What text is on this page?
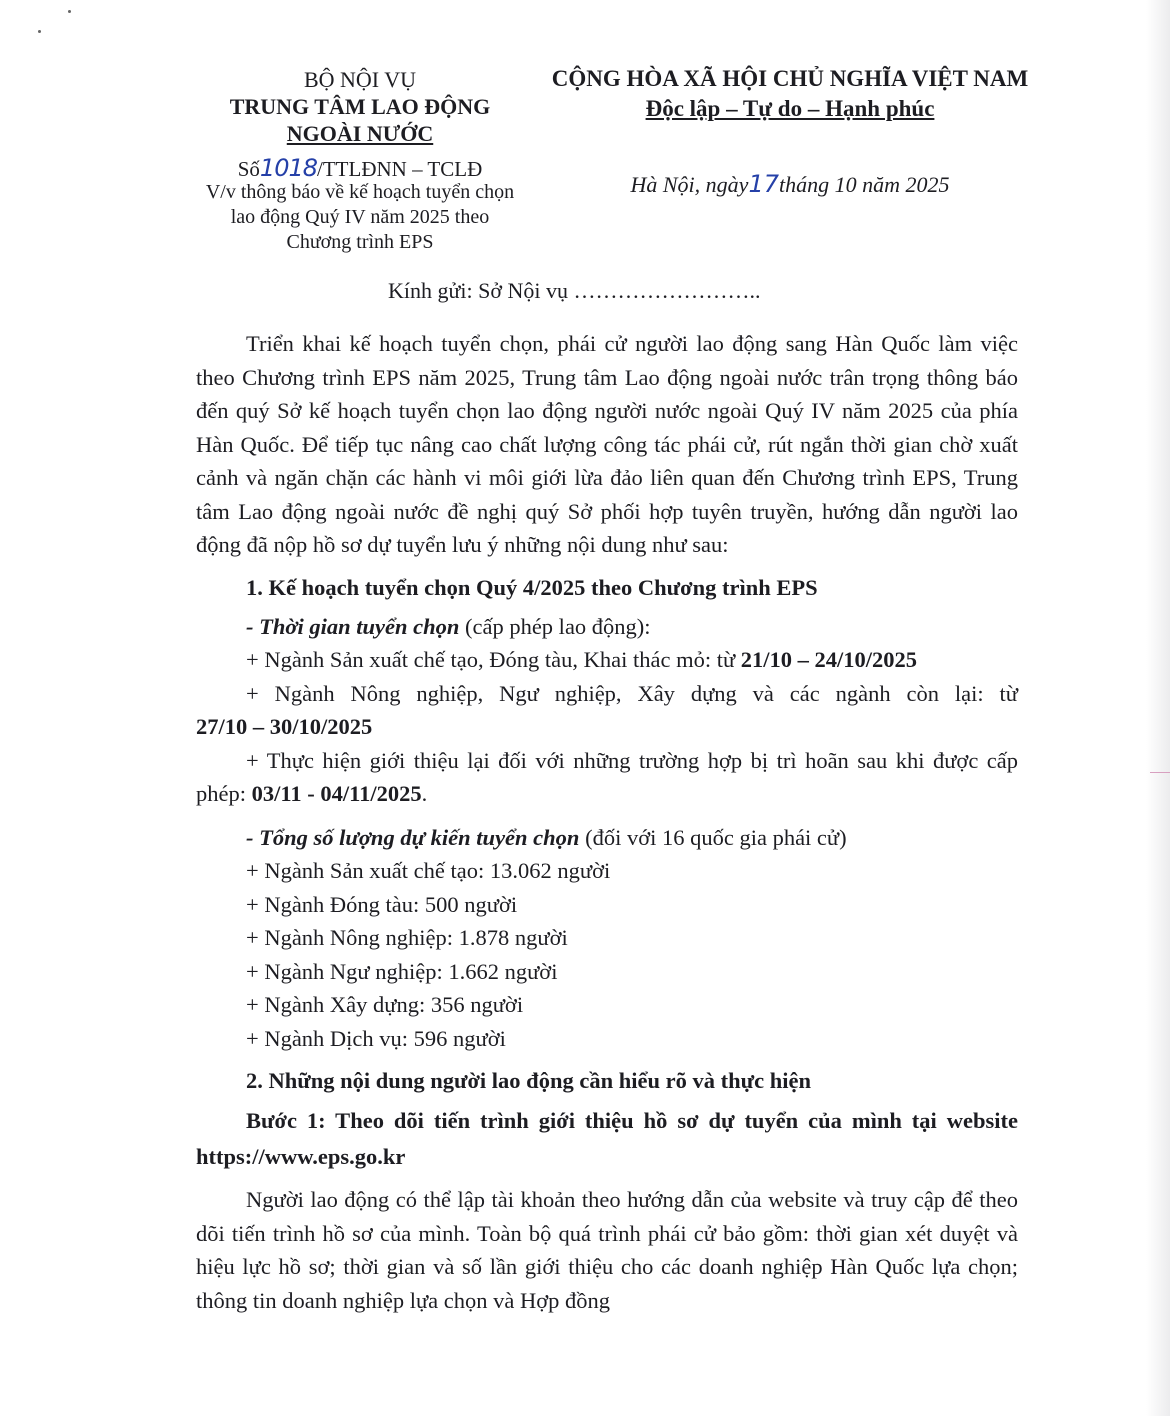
BỘ NỘI VỤ
TRUNG TÂM LAO ĐỘNG
NGOÀI NƯỚC
Số1018/TTLĐNN – TCLĐ
V/v thông báo về kế hoạch tuyển chọn
lao động Quý IV năm 2025 theo
Chương trình EPS
CỘNG HÒA XÃ HỘI CHỦ NGHĨA VIỆT NAM
Độc lập – Tự do – Hạnh phúc
Hà Nội, ngày17tháng 10 năm 2025
Kính gửi: Sở Nội vụ ……………………..

Triển khai kế hoạch tuyển chọn, phái cử người lao động sang Hàn Quốc làm việc theo Chương trình EPS năm 2025, Trung tâm Lao động ngoài nước trân trọng thông báo đến quý Sở kế hoạch tuyển chọn lao động người nước ngoài Quý IV năm 2025 của phía Hàn Quốc. Để tiếp tục nâng cao chất lượng công tác phái cử, rút ngắn thời gian chờ xuất cảnh và ngăn chặn các hành vi môi giới lừa đảo liên quan đến Chương trình EPS, Trung tâm Lao động ngoài nước đề nghị quý Sở phối hợp tuyên truyền, hướng dẫn người lao động đã nộp hồ sơ dự tuyển lưu ý những nội dung như sau:

1. Kế hoạch tuyển chọn Quý 4/2025 theo Chương trình EPS

- Thời gian tuyển chọn (cấp phép lao động):

+ Ngành Sản xuất chế tạo, Đóng tàu, Khai thác mỏ: từ 21/10 – 24/10/2025

+ Ngành Nông nghiệp, Ngư nghiệp, Xây dựng và các ngành còn lại: từ

27/10 – 30/10/2025

+ Thực hiện giới thiệu lại đối với những trường hợp bị trì hoãn sau khi được cấp phép: 03/11 - 04/11/2025.

- Tổng số lượng dự kiến tuyển chọn (đối với 16 quốc gia phái cử)

+ Ngành Sản xuất chế tạo: 13.062 người

+ Ngành Đóng tàu: 500 người

+ Ngành Nông nghiệp: 1.878 người

+ Ngành Ngư nghiệp: 1.662 người

+ Ngành Xây dựng: 356 người

+ Ngành Dịch vụ: 596 người

2. Những nội dung người lao động cần hiểu rõ và thực hiện

Bước 1: Theo dõi tiến trình giới thiệu hồ sơ dự tuyển của mình tại website https://www.eps.go.kr

Người lao động có thể lập tài khoản theo hướng dẫn của website và truy cập để theo dõi tiến trình hồ sơ của mình. Toàn bộ quá trình phái cử bảo gồm: thời gian xét duyệt và hiệu lực hồ sơ; thời gian và số lần giới thiệu cho các doanh nghiệp Hàn Quốc lựa chọn; thông tin doanh nghiệp lựa chọn và Hợp đồng
